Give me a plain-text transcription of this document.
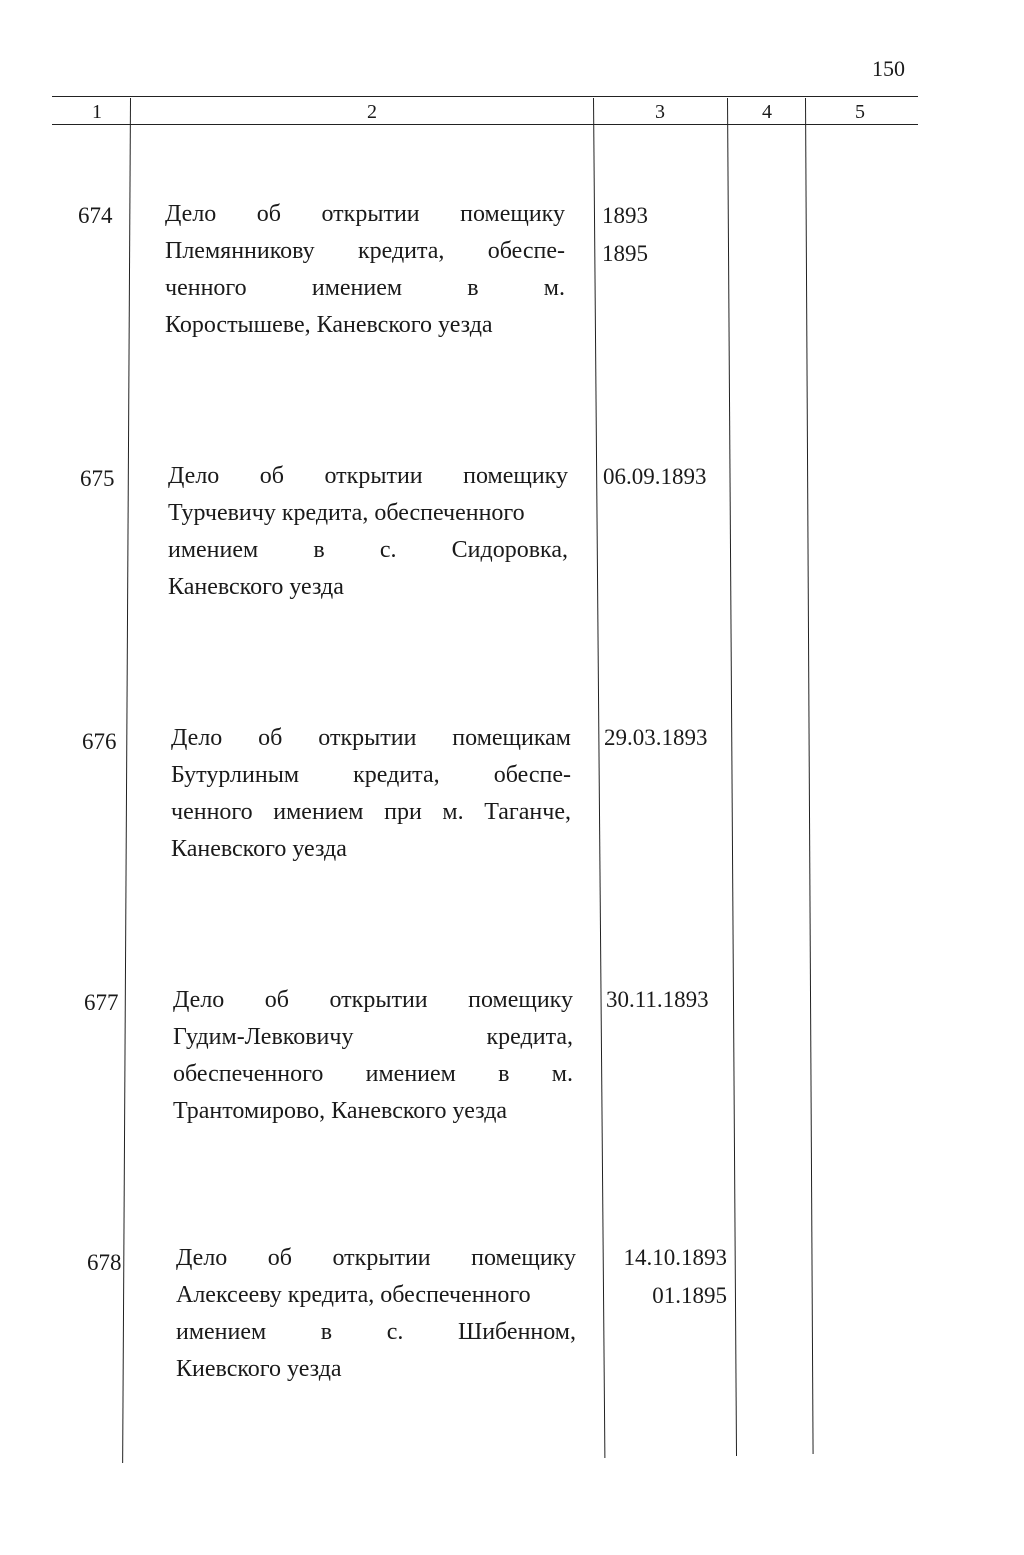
150
1	2	3	4	5
674 Дело об открытии помещику
Племянникову кредита, обеспе-
ченного имением в м.
Коростышеве, Каневского уезда
1893
1895
675 Дело об открытии помещику
Турчевичу кредита, обеспеченного
имением в с. Сидоровка,
Каневского уезда
06.09.1893
676 Дело об открытии помещикам
Бутурлиным кредита, обеспе-
ченного имением при м. Таганче,
Каневского уезда
29.03.1893
677 Дело об открытии помещику
Гудим-Левковичу кредита,
обеспеченного имением в м.
Трантомирово, Каневского уезда
30.11.1893
678 Дело об открытии помещику
Алексееву кредита, обеспеченного
имением в с. Шибенном,
Киевского уезда
14.10.1893
01.1895
